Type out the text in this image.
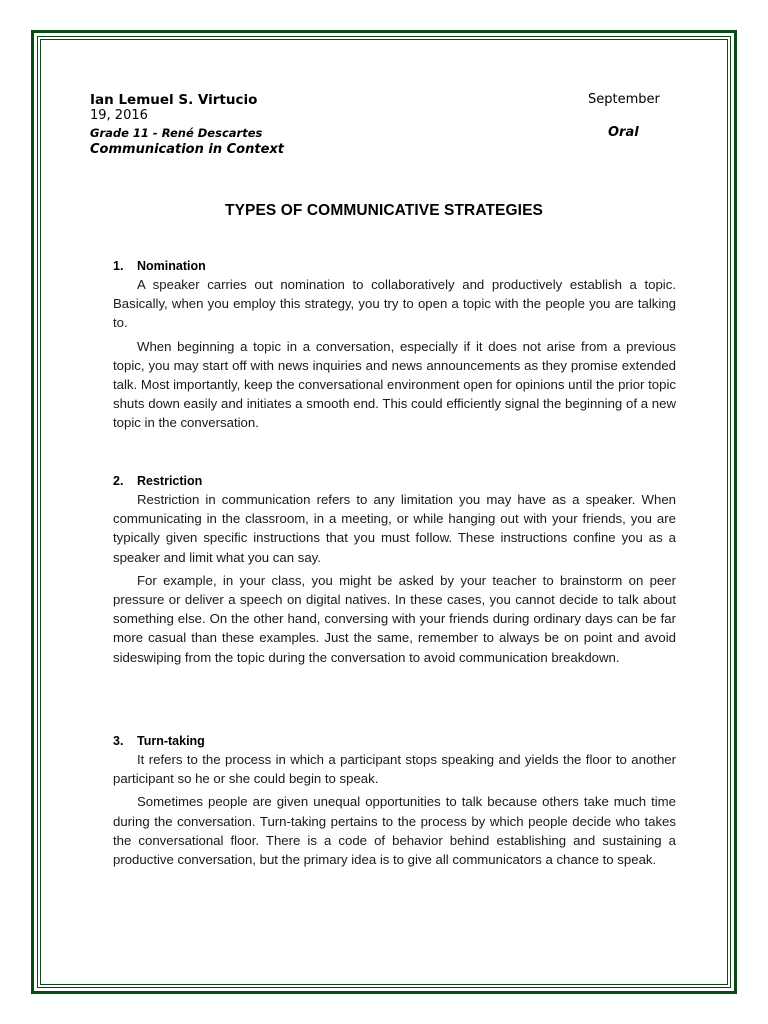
Ian Lemuel S. Virtucio	September
19, 2016
Grade 11 - René Descartes	Oral
Communication in Context
TYPES OF COMMUNICATIVE STRATEGIES

1. Nomination

A speaker carries out nomination to collaboratively and productively establish a topic. Basically, when you employ this strategy, you try to open a topic with the people you are talking to.

When beginning a topic in a conversation, especially if it does not arise from a previous topic, you may start off with news inquiries and news announcements as they promise extended talk. Most importantly, keep the conversational environment open for opinions until the prior topic shuts down easily and initiates a smooth end. This could efficiently signal the beginning of a new topic in the conversation.

2. Restriction

Restriction in communication refers to any limitation you may have as a speaker. When communicating in the classroom, in a meeting, or while hanging out with your friends, you are typically given specific instructions that you must follow. These instructions confine you as a speaker and limit what you can say.

For example, in your class, you might be asked by your teacher to brainstorm on peer pressure or deliver a speech on digital natives. In these cases, you cannot decide to talk about something else. On the other hand, conversing with your friends during ordinary days can be far more casual than these examples. Just the same, remember to always be on point and avoid sideswiping from the topic during the conversation to avoid communication breakdown.

3. Turn-taking

It refers to the process in which a participant stops speaking and yields the floor to another participant so he or she could begin to speak.

Sometimes people are given unequal opportunities to talk because others take much time during the conversation. Turn-taking pertains to the process by which people decide who takes the conversational floor. There is a code of behavior behind establishing and sustaining a productive conversation, but the primary idea is to give all communicators a chance to speak.
